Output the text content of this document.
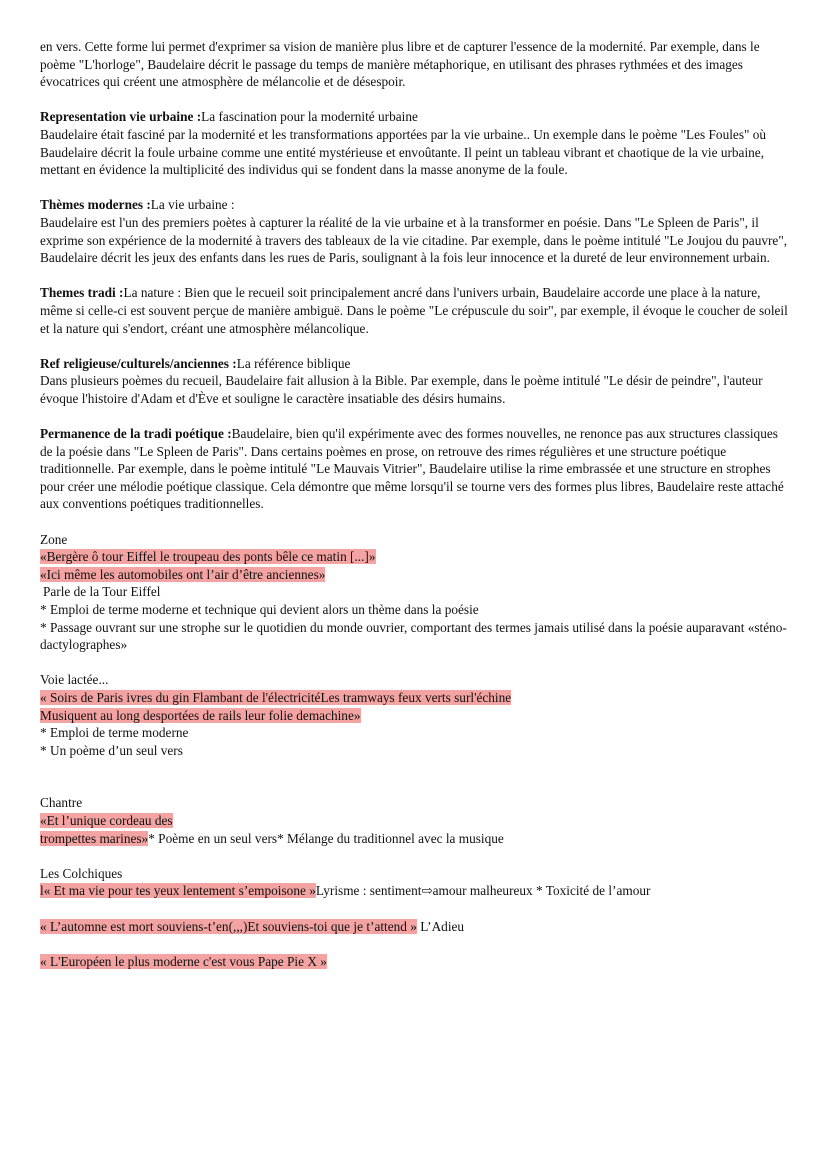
en vers. Cette forme lui permet d'exprimer sa vision de manière plus libre et de capturer l'essence de la modernité. Par exemple, dans le poème "L'horloge", Baudelaire décrit le passage du temps de manière métaphorique, en utilisant des phrases rythmées et des images évocatrices qui créent une atmosphère de mélancolie et de désespoir.

Representation vie urbaine :La fascination pour la modernité urbaine

Baudelaire était fasciné par la modernité et les transformations apportées par la vie urbaine.. Un exemple dans le poème "Les Foules" où Baudelaire décrit la foule urbaine comme une entité mystérieuse et envoûtante. Il peint un tableau vibrant et chaotique de la vie urbaine, mettant en évidence la multiplicité des individus qui se fondent dans la masse anonyme de la foule.

Thèmes modernes :La vie urbaine :

Baudelaire est l'un des premiers poètes à capturer la réalité de la vie urbaine et à la transformer en poésie. Dans "Le Spleen de Paris", il exprime son expérience de la modernité à travers des tableaux de la vie citadine. Par exemple, dans le poème intitulé "Le Joujou du pauvre", Baudelaire décrit les jeux des enfants dans les rues de Paris, soulignant à la fois leur innocence et la dureté de leur environnement urbain.

Themes tradi :La nature : Bien que le recueil soit principalement ancré dans l'univers urbain, Baudelaire accorde une place à la nature, même si celle-ci est souvent perçue de manière ambiguë. Dans le poème "Le crépuscule du soir", par exemple, il évoque le coucher de soleil et la nature qui s'endort, créant une atmosphère mélancolique.

Ref religieuse/culturels/anciennes :La référence biblique

Dans plusieurs poèmes du recueil, Baudelaire fait allusion à la Bible. Par exemple, dans le poème intitulé "Le désir de peindre", l'auteur évoque l'histoire d'Adam et d'Ève et souligne le caractère insatiable des désirs humains.

Permanence de la tradi poétique :Baudelaire, bien qu'il expérimente avec des formes nouvelles, ne renonce pas aux structures classiques de la poésie dans "Le Spleen de Paris". Dans certains poèmes en prose, on retrouve des rimes régulières et une structure poétique traditionnelle. Par exemple, dans le poème intitulé "Le Mauvais Vitrier", Baudelaire utilise la rime embrassée et une structure en strophes pour créer une mélodie poétique classique. Cela démontre que même lorsqu'il se tourne vers des formes plus libres, Baudelaire reste attaché aux conventions poétiques traditionnelles.

Zone

«Bergère ô tour Eiffel le troupeau des ponts bêle ce matin [...]»

«Ici même les automobiles ont l’air d’être anciennes»

Parle de la Tour Eiffel

* Emploi de terme moderne et technique qui devient alors un thème dans la poésie

* Passage ouvrant sur une strophe sur le quotidien du monde ouvrier, comportant des termes jamais utilisé dans la poésie auparavant «sténo-dactylographes»

Voie lactée...

« Soirs de Paris ivres du gin Flambant de l'électricitéLes tramways feux verts surl'échine

Musiquent au long desportées de rails leur folie demachine»

* Emploi de terme moderne

* Un poème d’un seul vers

Chantre

«Et l’unique cordeau des

trompettes marines»* Poème en un seul vers* Mélange du traditionnel avec la musique

Les Colchiques

l« Et ma vie pour tes yeux lentement s’empoisone »Lyrisme : sentiment⇨amour malheureux * Toxicité de l’amour

« L’automne est mort souviens-t’en(,,,)Et souviens-toi que je t’attend » L’Adieu

« L'Européen le plus moderne c'est vous Pape Pie X »
